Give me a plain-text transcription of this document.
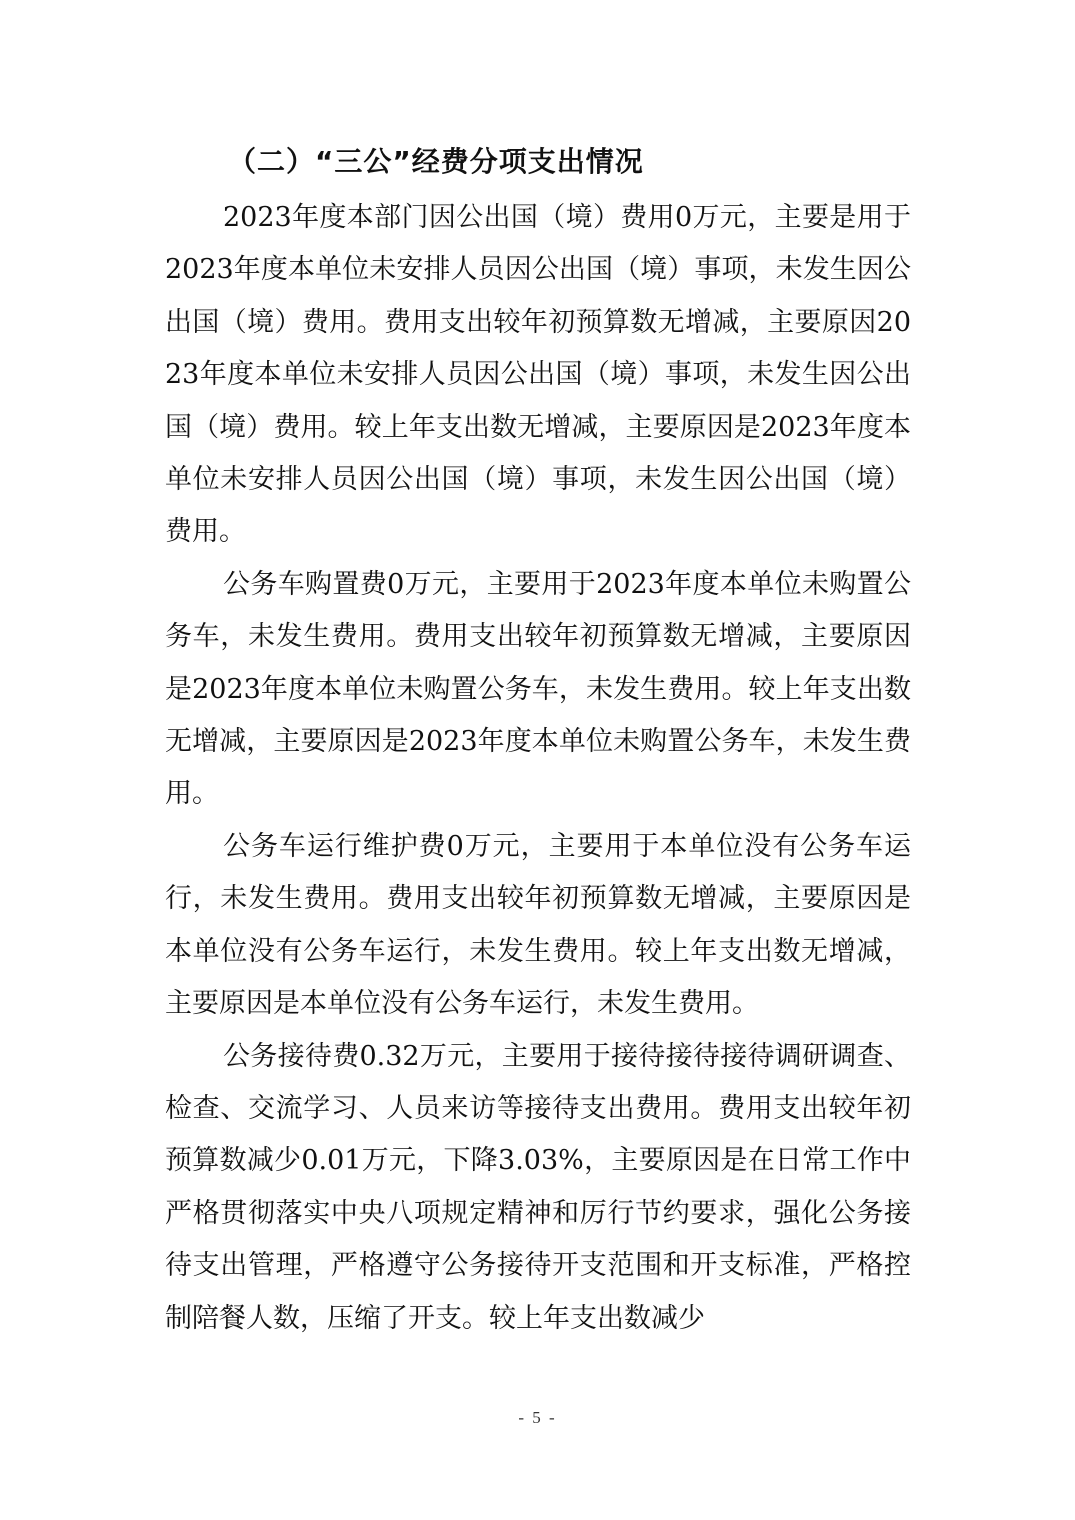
（二）“三公”经费分项支出情况

2023年度本部门因公出国（境）费用0万元，主要是用于2023年度本单位未安排人员因公出国（境）事项，未发生因公出国（境）费用。费用支出较年初预算数无增减，主要原因2023年度本单位未安排人员因公出国（境）事项，未发生因公出国（境）费用。较上年支出数无增减，主要原因是2023年度本单位未安排人员因公出国（境）事项，未发生因公出国（境）费用。

公务车购置费0万元，主要用于2023年度本单位未购置公务车，未发生费用。费用支出较年初预算数无增减，主要原因是2023年度本单位未购置公务车，未发生费用。较上年支出数无增减，主要原因是2023年度本单位未购置公务车，未发生费用。

公务车运行维护费0万元，主要用于本单位没有公务车运行，未发生费用。费用支出较年初预算数无增减，主要原因是本单位没有公务车运行，未发生费用。较上年支出数无增减，主要原因是本单位没有公务车运行，未发生费用。

公务接待费0.32万元，主要用于接待接待接待调研调查、检查、交流学习、人员来访等接待支出费用。费用支出较年初预算数减少0.01万元，下降3.03%，主要原因是在日常工作中严格贯彻落实中央八项规定精神和厉行节约要求，强化公务接待支出管理，严格遵守公务接待开支范围和开支标准，严格控制陪餐人数，压缩了开支。较上年支出数减少

- 5 -
